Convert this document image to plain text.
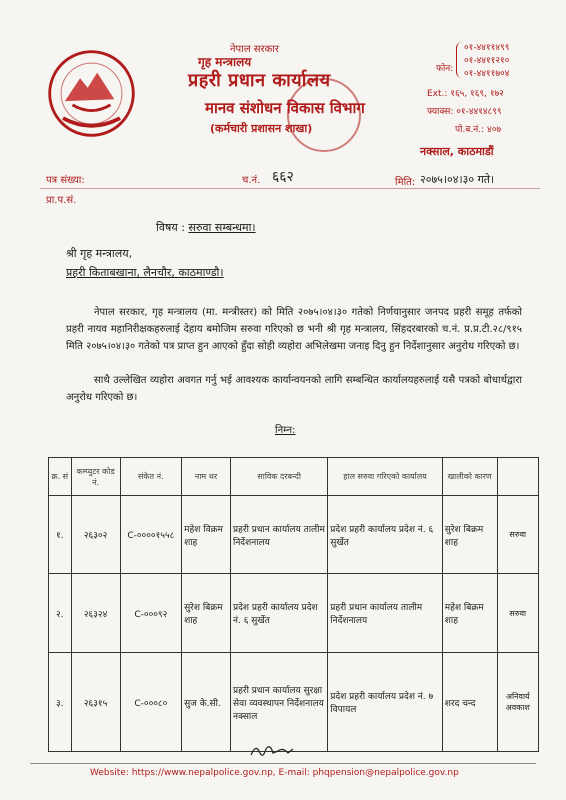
नेपाल सरकार
गृह मन्त्रालय
प्रहरी प्रधान कार्यालय
मानव संशोधन विकास विभाग
(कर्मचारी प्रशासन शाखा)
फोन:
०१-४४११४९९
०१-४४११२१०
०१-४४११७०४
Ext.: १६५, १६९, १७२
फ्याक्स: ०१-४४१४८९९
पो.ब.नं.: ४०७
नक्साल, काठमाडौं
पत्र संख्या:	च.नं. ६६२	मिति: २०७५।०४।३० गते।
प्रा.प.सं.
विषय : सरुवा सम्बन्धमा।
श्री गृह मन्त्रालय,
प्रहरी किताबखाना, लैनचौर, काठमाण्डौ।
नेपाल सरकार, गृह मन्त्रालय (मा. मन्त्रीस्तर) को मिति २०७५।०४।३० गतेको निर्णयानुसार जनपद प्रहरी समूह तर्फको प्रहरी नायव महानिरीक्षकहरुलाई देहाय बमोजिम सरुवा गरिएको छ भनी श्री गृह मन्त्रालय, सिंहदरबारको च.नं. प्र.प्र.टी.२८/९१५ मिति २०७५।०४।३० गतेको पत्र प्राप्त हुन आएको हुँदा सोही व्यहोरा अभिलेखमा जनाइ दिनु हुन निर्देशानुसार अनुरोध गरिएको छ।
साथै उल्लेखित व्यहोरा अवगत गर्नु भई आवश्यक कार्यान्वयनको लागि सम्बन्धित कार्यालयहरुलाई यसै पत्रको बोधार्थद्वारा अनुरोध गरिएको छ।
निम्न:
क्र. सं	कम्प्युटर कोड नं.	संकेत नं.	नाम थर	साविक दरबन्दी	हाल सरुवा गरिएको कार्यालय	खालीको कारण	
१.	२६३०२	C-००००१५५८	महेश विक्रम शाह	प्रहरी प्रधान कार्यालय तालीम निर्देशनालय	प्रदेश प्रहरी कार्यालय प्रदेश नं. ६ सुर्खेत	सुरेश बिक्रम शाह	सरुवा
२.	२६३२४	C-०००९२	सुरेश बिक्रम शाह	प्रदेश प्रहरी कार्यालय प्रदेश नं. ६ सुर्खेत	प्रहरी प्रधान कार्यालय तालीम निर्देशनालय	महेश बिक्रम शाह	सरुवा
३.	२६३१५	C-०००८०	सुज के.सी.	प्रहरी प्रधान कार्यालय सुरक्षा सेवा व्यवस्थापन निर्देशनालय नक्साल	प्रदेश प्रहरी कार्यालय प्रदेश नं. ७ विपायल	शरद चन्द	अनिवार्य अवकाश
Website: https://www.nepalpolice.gov.np, E-mail: phqpension@nepalpolice.gov.np
